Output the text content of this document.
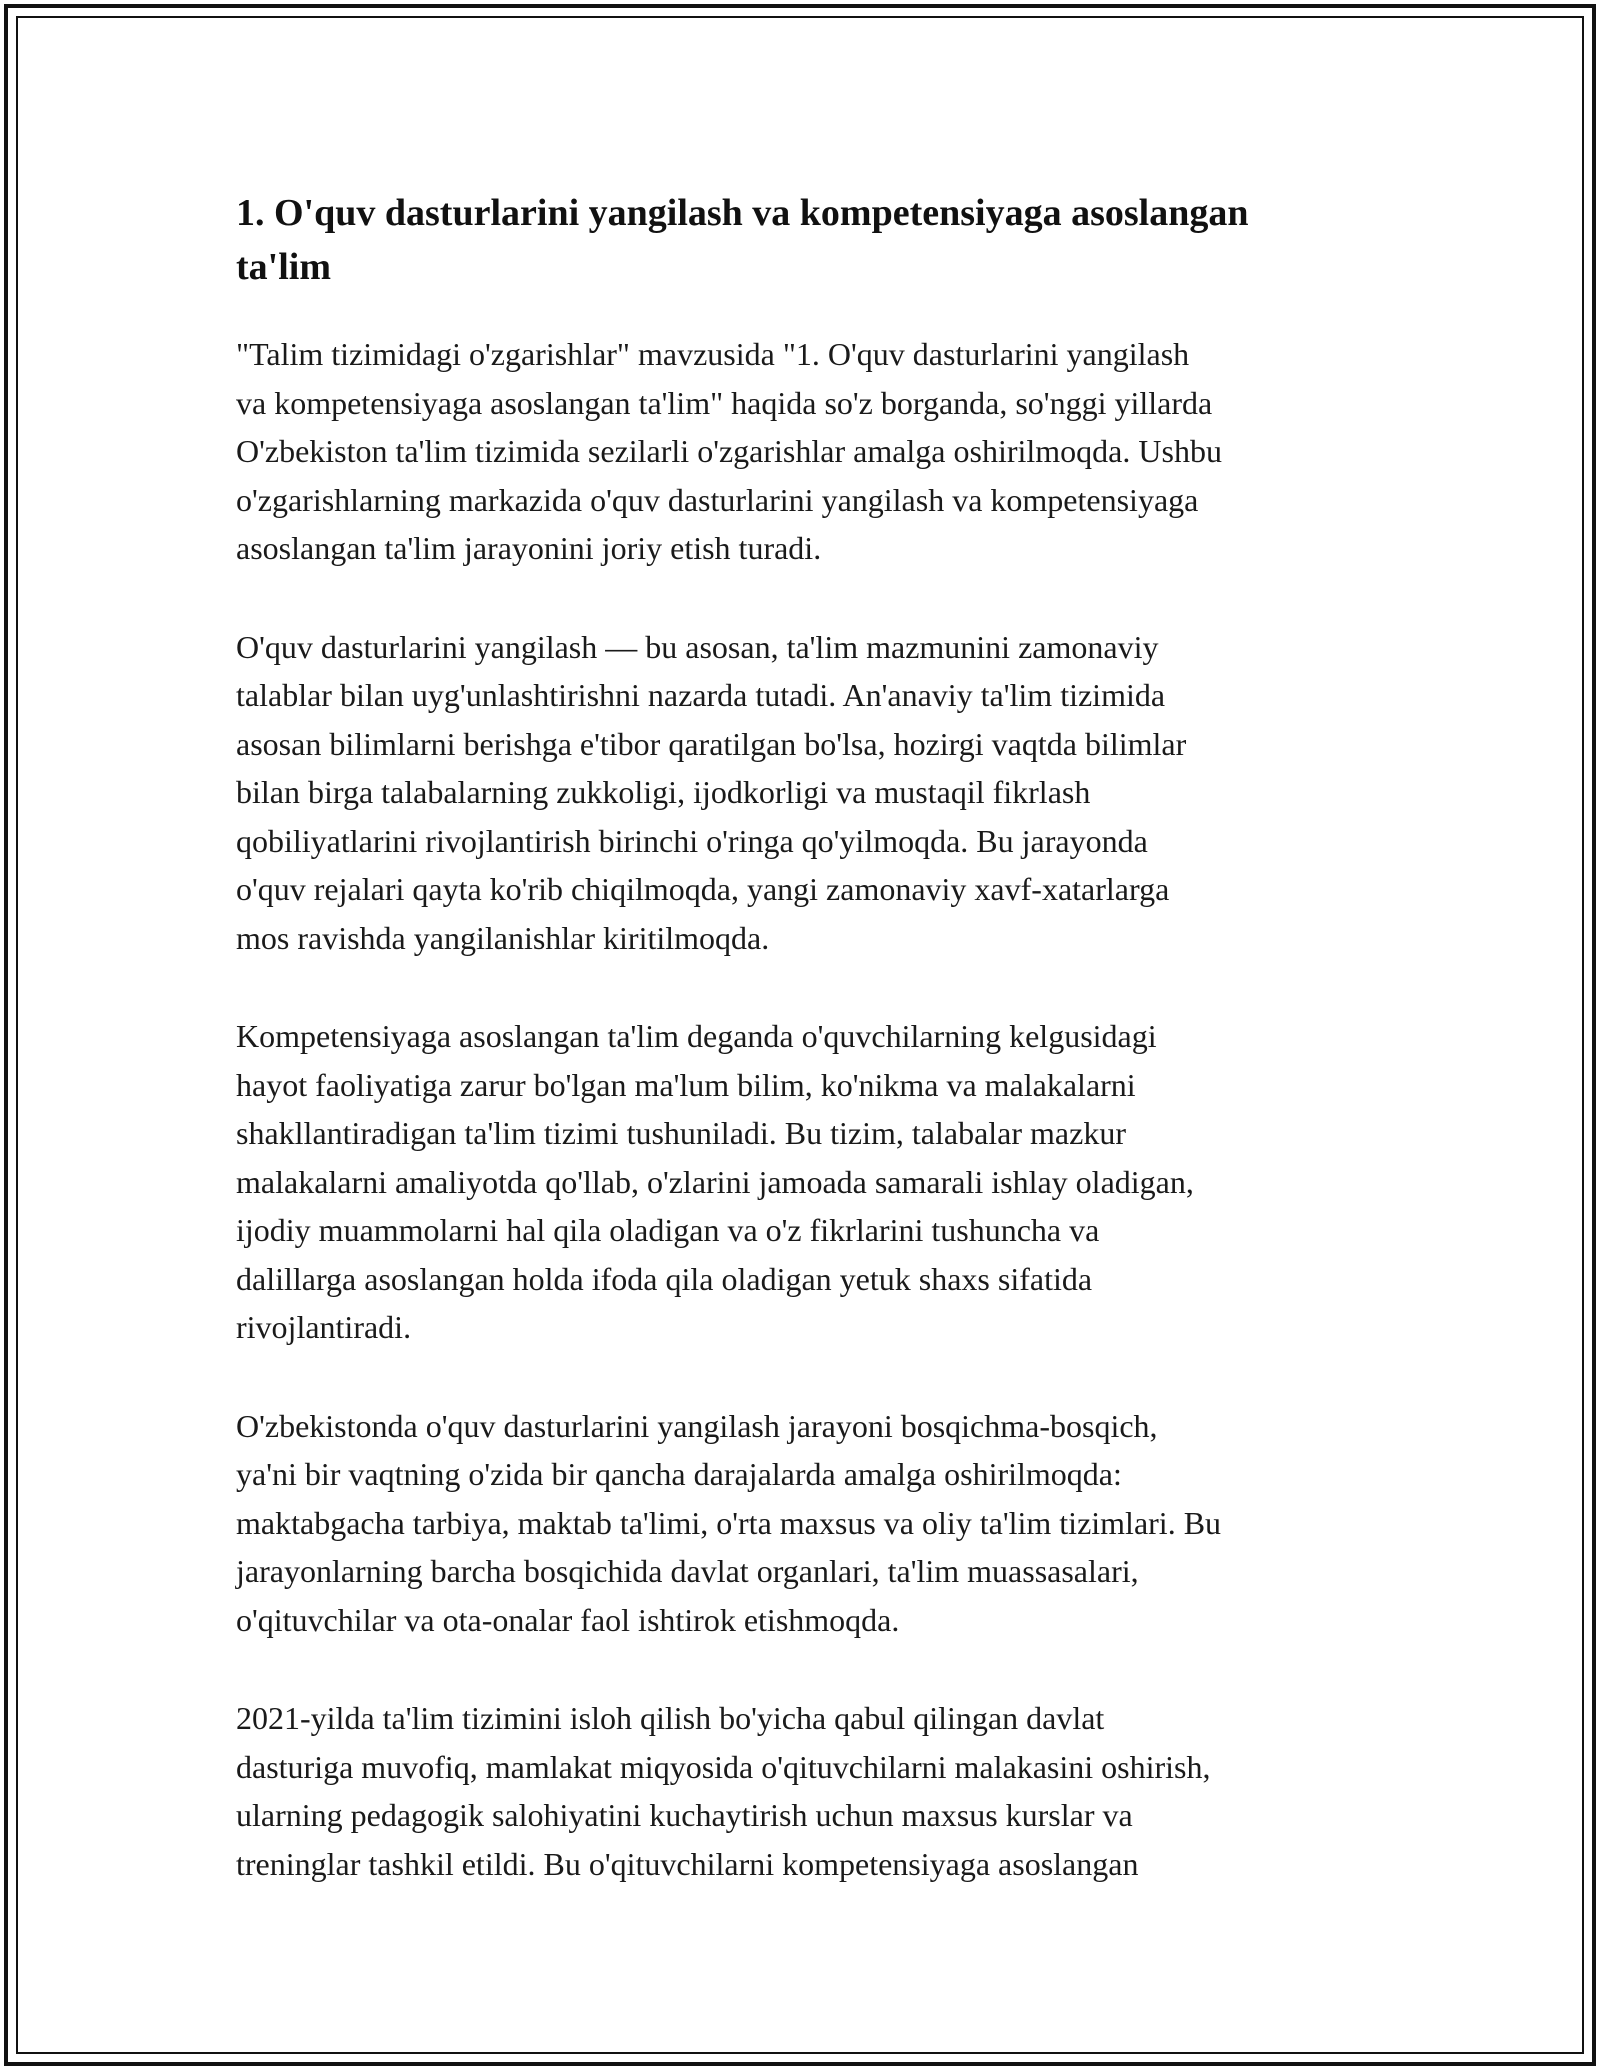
1. O'quv dasturlarini yangilash va kompetensiyaga asoslangan
ta'lim

"Talim tizimidagi o'zgarishlar" mavzusida "1. O'quv dasturlarini yangilash
va kompetensiyaga asoslangan ta'lim" haqida so'z borganda, so'nggi yillarda
O'zbekiston ta'lim tizimida sezilarli o'zgarishlar amalga oshirilmoqda. Ushbu
o'zgarishlarning markazida o'quv dasturlarini yangilash va kompetensiyaga
asoslangan ta'lim jarayonini joriy etish turadi.

O'quv dasturlarini yangilash — bu asosan, ta'lim mazmunini zamonaviy
talablar bilan uyg'unlashtirishni nazarda tutadi. An'anaviy ta'lim tizimida
asosan bilimlarni berishga e'tibor qaratilgan bo'lsa, hozirgi vaqtda bilimlar
bilan birga talabalarning zukkoligi, ijodkorligi va mustaqil fikrlash
qobiliyatlarini rivojlantirish birinchi o'ringa qo'yilmoqda. Bu jarayonda
o'quv rejalari qayta ko'rib chiqilmoqda, yangi zamonaviy xavf-xatarlarga
mos ravishda yangilanishlar kiritilmoqda.

Kompetensiyaga asoslangan ta'lim deganda o'quvchilarning kelgusidagi
hayot faoliyatiga zarur bo'lgan ma'lum bilim, ko'nikma va malakalarni
shakllantiradigan ta'lim tizimi tushuniladi. Bu tizim, talabalar mazkur
malakalarni amaliyotda qo'llab, o'zlarini jamoada samarali ishlay oladigan,
ijodiy muammolarni hal qila oladigan va o'z fikrlarini tushuncha va
dalillarga asoslangan holda ifoda qila oladigan yetuk shaxs sifatida
rivojlantiradi.

O'zbekistonda o'quv dasturlarini yangilash jarayoni bosqichma-bosqich,
ya'ni bir vaqtning o'zida bir qancha darajalarda amalga oshirilmoqda:
maktabgacha tarbiya, maktab ta'limi, o'rta maxsus va oliy ta'lim tizimlari. Bu
jarayonlarning barcha bosqichida davlat organlari, ta'lim muassasalari,
o'qituvchilar va ota-onalar faol ishtirok etishmoqda.

2021-yilda ta'lim tizimini isloh qilish bo'yicha qabul qilingan davlat
dasturiga muvofiq, mamlakat miqyosida o'qituvchilarni malakasini oshirish,
ularning pedagogik salohiyatini kuchaytirish uchun maxsus kurslar va
treninglar tashkil etildi. Bu o'qituvchilarni kompetensiyaga asoslangan
